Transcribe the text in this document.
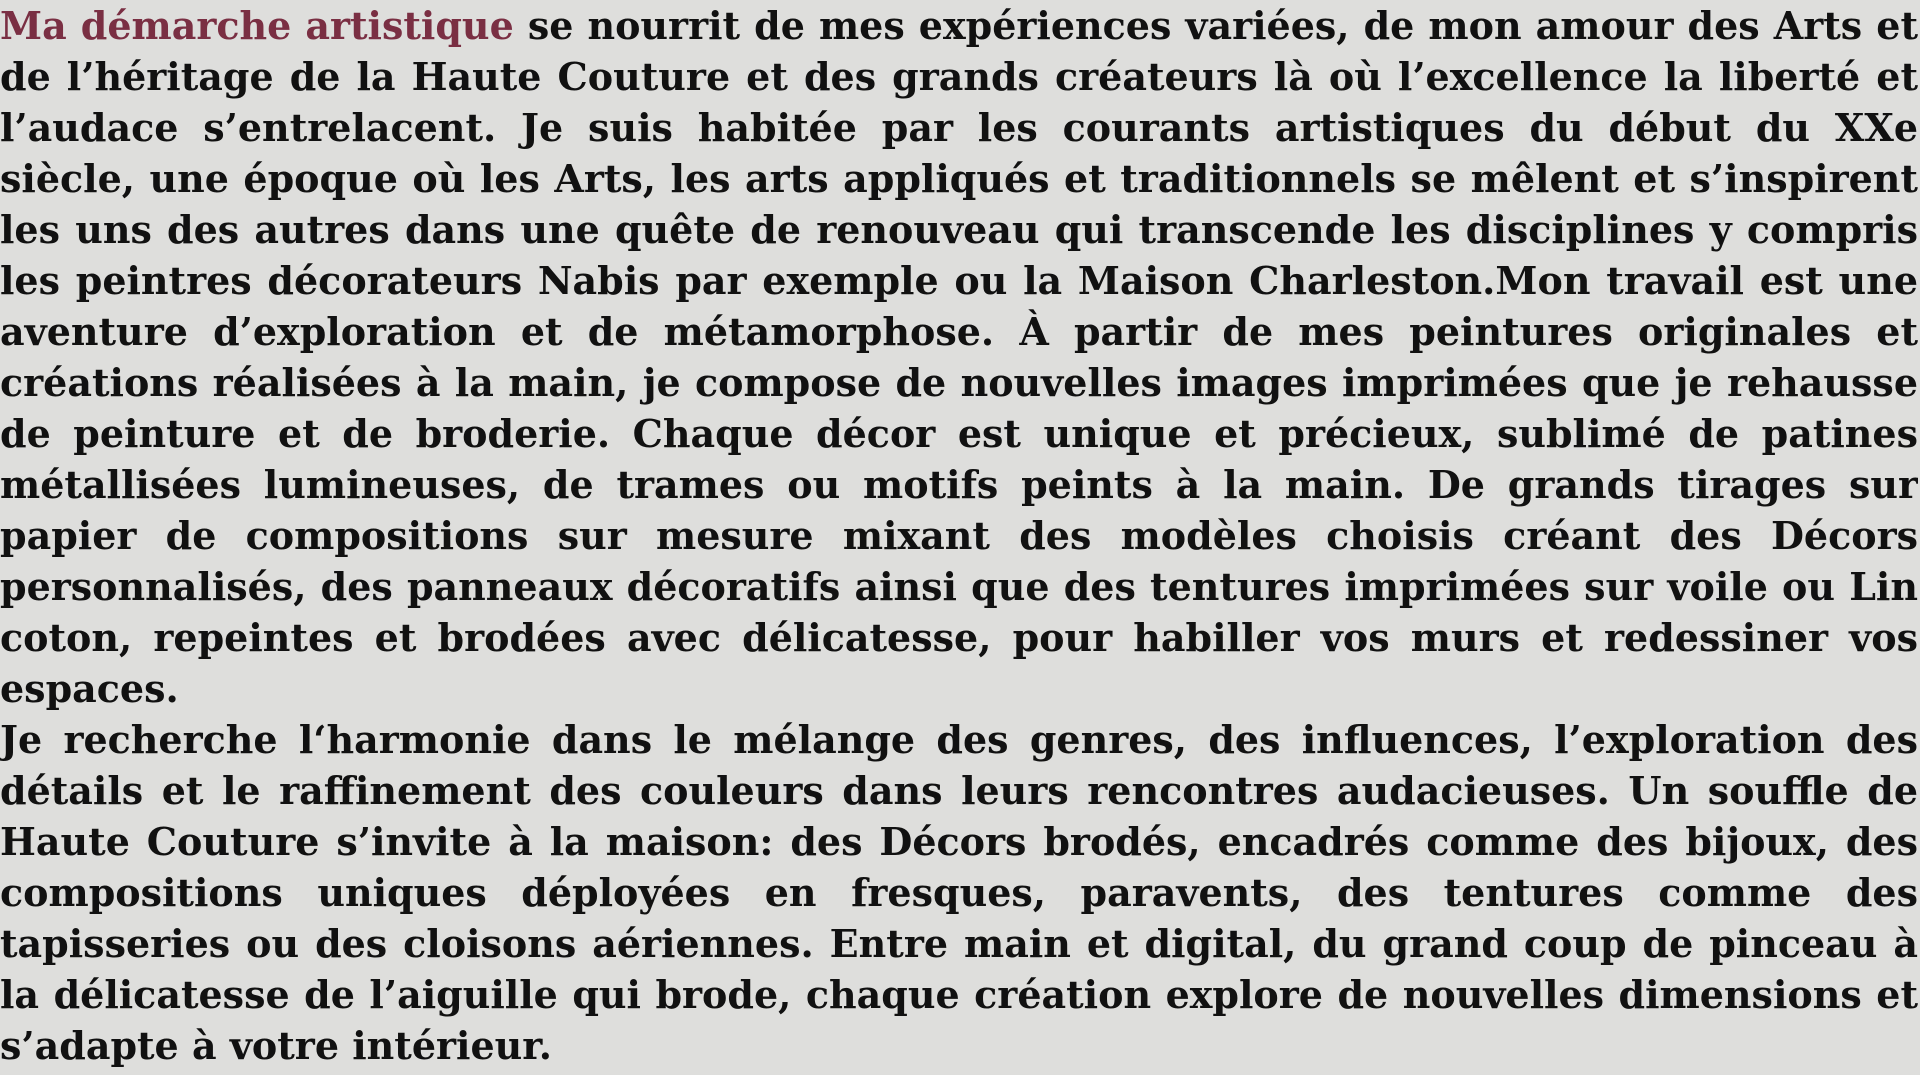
Ma démarche artistique se nourrit de mes expériences variées, de mon amour des Arts et de l’héritage de la Haute Couture et des grands créateurs là où l’excellence la liberté et l’audace s’entrelacent. Je suis habitée par les courants artistiques du début du XXe siècle, une époque où les Arts, les arts appliqués et traditionnels se mêlent et s’inspirent les uns des autres dans une quête de renouveau qui transcende les disciplines y compris les peintres décorateurs Nabis par exemple ou la Maison Charleston.Mon travail est une aventure d’exploration et de métamorphose. À partir de mes peintures originales et créations réalisées à la main, je compose de nouvelles images imprimées que je rehausse de peinture et de broderie. Chaque décor est unique et précieux, sublimé de patines métallisées lumineuses, de trames ou motifs peints à la main. De grands tirages sur papier de compositions sur mesure mixant des modèles choisis créant des Décors personnalisés, des panneaux décoratifs ainsi que des tentures imprimées sur voile ou Lin coton, repeintes et brodées avec délicatesse, pour habiller vos murs et redessiner vos espaces.

Je recherche l‘harmonie dans le mélange des genres, des influences, l’exploration des détails et le raffinement des couleurs dans leurs rencontres audacieuses. Un souffle de Haute Couture s’invite à la maison: des Décors brodés, encadrés comme des bijoux, des compositions uniques déployées en fresques, paravents, des tentures comme des tapisseries ou des cloisons aériennes. Entre main et digital, du grand coup de pinceau à la délicatesse de l’aiguille qui brode, chaque création explore de nouvelles dimensions et s’adapte à votre intérieur.
